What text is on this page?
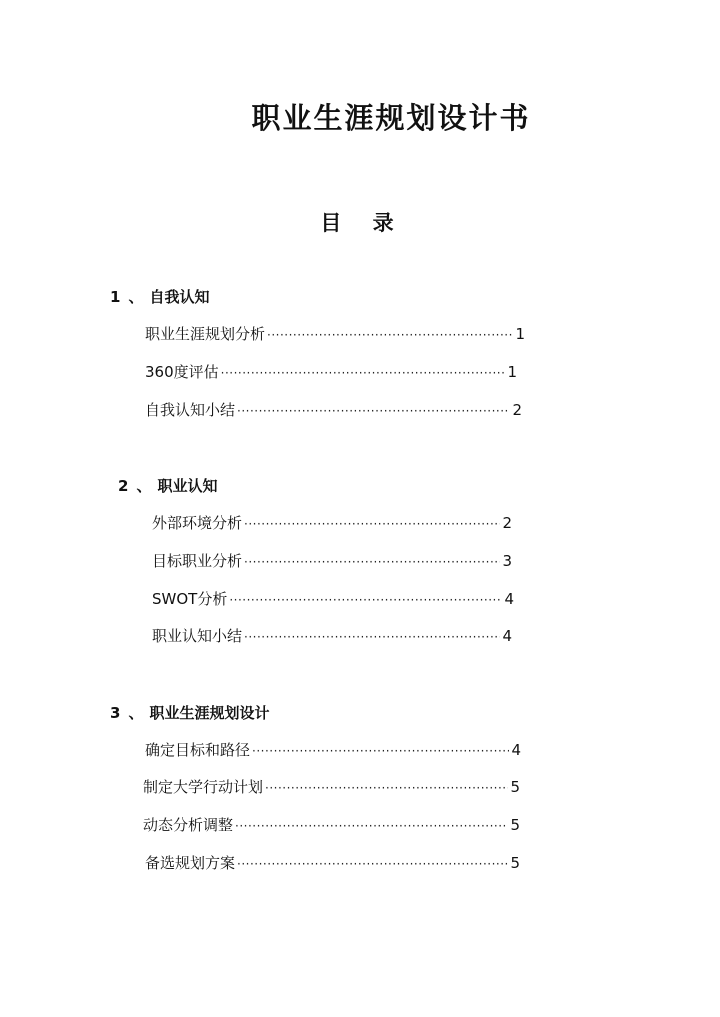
职业生涯规划设计书
目 录
1 、 自我认知
职业生涯规划分析 ·····	1
360度评估 ·····	1
自我认知小结 ·····	2
2 、 职业认知
外部环境分析 ·····	2
目标职业分析 ·····	3
SWOT分析 ·····	4
职业认知小结 ·····	4
3 、 职业生涯规划设计
确定目标和路径 ·····	4
制定大学行动计划 ·····	5
动态分析调整 ·····	5
备选规划方案 ·····	5
